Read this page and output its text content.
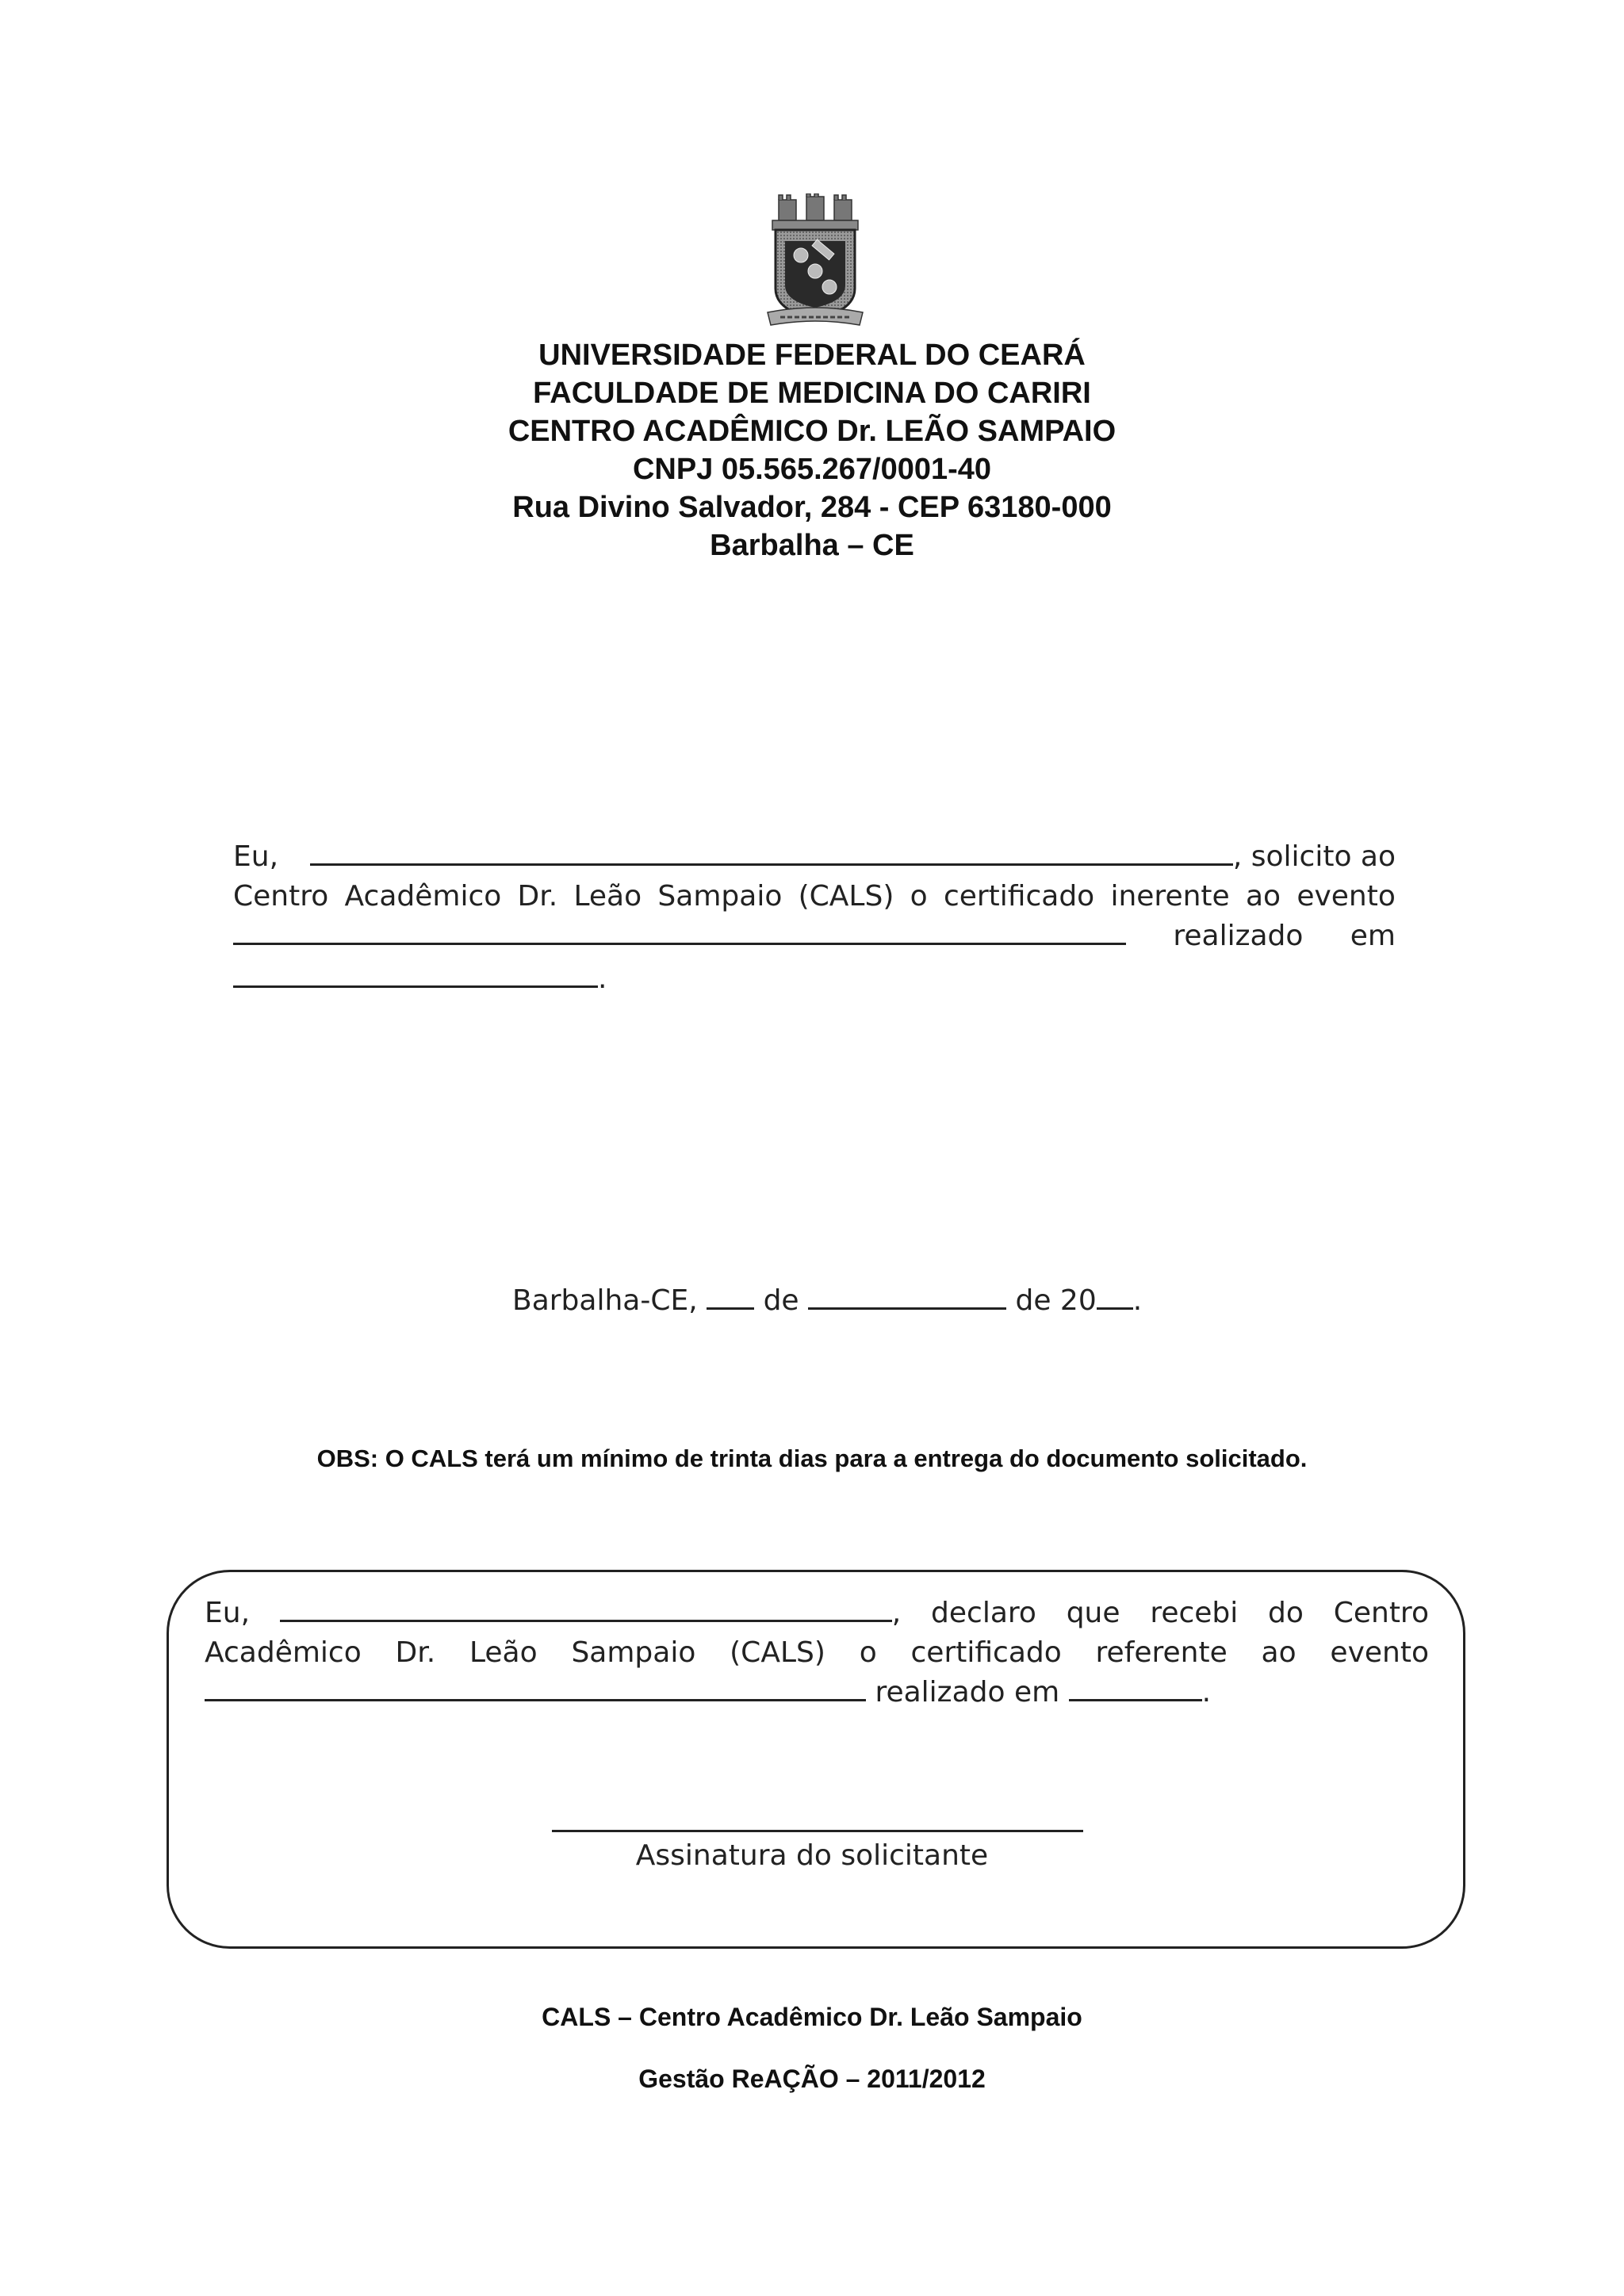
UNIVERSIDADE FEDERAL DO CEARÁ
FACULDADE DE MEDICINA DO CARIRI
CENTRO ACADÊMICO Dr. LEÃO SAMPAIO
CNPJ 05.565.267/0001-40
Rua Divino Salvador, 284 - CEP 63180-000
Barbalha – CE
Eu,	, solicito ao
Centro Acadêmico Dr. Leão Sampaio (CALS) o certificado inerente ao evento
realizado em
.
Barbalha-CE, de	de 20 .
OBS: O CALS terá um mínimo de trinta dias para a entrega do documento solicitado.
Eu,	, declaro que recebi do Centro
Acadêmico Dr. Leão Sampaio (CALS) o certificado referente ao evento
realizado em	.
Assinatura do solicitante
CALS – Centro Acadêmico Dr. Leão Sampaio
Gestão ReAÇÃO – 2011/2012
